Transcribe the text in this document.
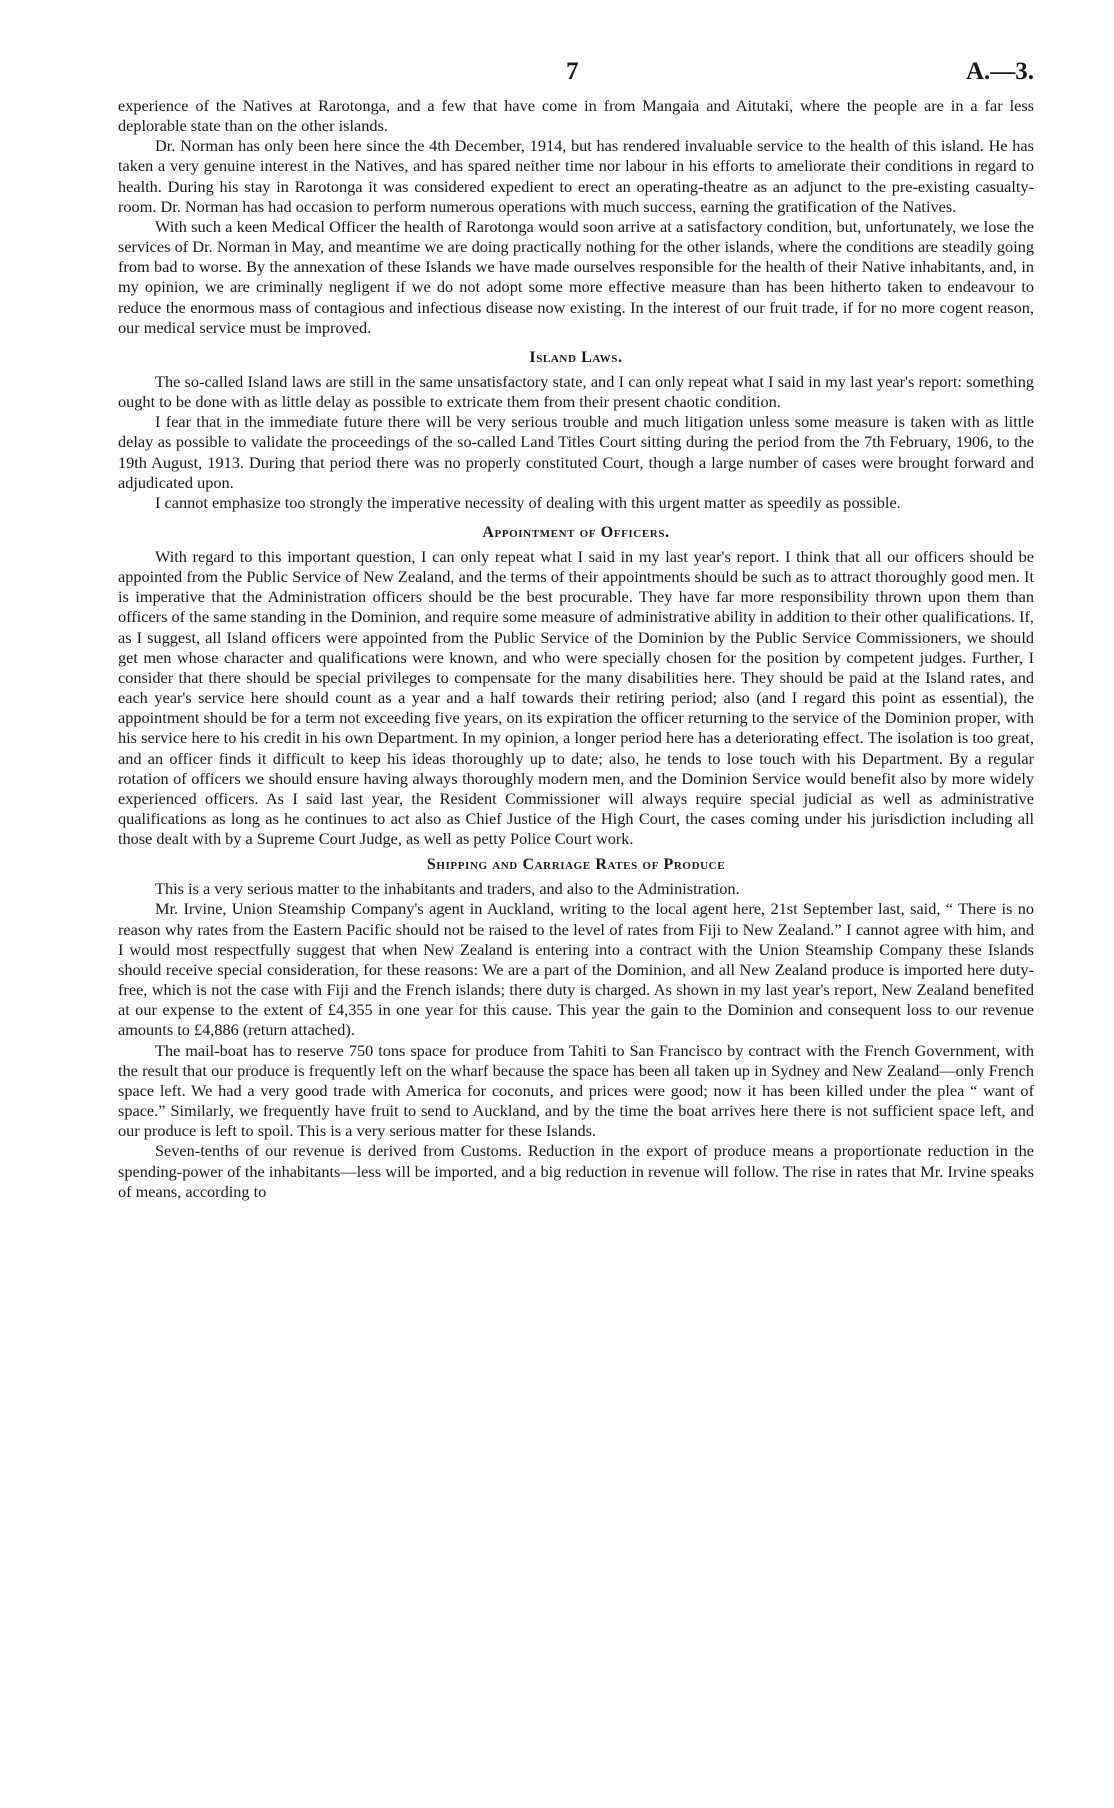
7	A.—3.

experience of the Natives at Rarotonga, and a few that have come in from Mangaia and Aitutaki, where the people are in a far less deplorable state than on the other islands.

Dr. Norman has only been here since the 4th December, 1914, but has rendered invaluable service to the health of this island. He has taken a very genuine interest in the Natives, and has spared neither time nor labour in his efforts to ameliorate their conditions in regard to health. During his stay in Rarotonga it was considered expedient to erect an operating-theatre as an adjunct to the pre-existing casualty-room. Dr. Norman has had occasion to perform numerous operations with much success, earning the gratification of the Natives.

With such a keen Medical Officer the health of Rarotonga would soon arrive at a satisfactory condition, but, unfortunately, we lose the services of Dr. Norman in May, and meantime we are doing practically nothing for the other islands, where the conditions are steadily going from bad to worse. By the annexation of these Islands we have made ourselves responsible for the health of their Native inhabitants, and, in my opinion, we are criminally negligent if we do not adopt some more effective measure than has been hitherto taken to endeavour to reduce the enormous mass of contagious and infectious disease now existing. In the interest of our fruit trade, if for no more cogent reason, our medical service must be improved.

Island Laws.

The so-called Island laws are still in the same unsatisfactory state, and I can only repeat what I said in my last year's report: something ought to be done with as little delay as possible to extricate them from their present chaotic condition.

I fear that in the immediate future there will be very serious trouble and much litigation unless some measure is taken with as little delay as possible to validate the proceedings of the so-called Land Titles Court sitting during the period from the 7th February, 1906, to the 19th August, 1913. During that period there was no properly constituted Court, though a large number of cases were brought forward and adjudicated upon.

I cannot emphasize too strongly the imperative necessity of dealing with this urgent matter as speedily as possible.

Appointment of Officers.

With regard to this important question, I can only repeat what I said in my last year's report. I think that all our officers should be appointed from the Public Service of New Zealand, and the terms of their appointments should be such as to attract thoroughly good men. It is imperative that the Administration officers should be the best procurable. They have far more responsibility thrown upon them than officers of the same standing in the Dominion, and require some measure of administrative ability in addition to their other qualifications. If, as I suggest, all Island officers were appointed from the Public Service of the Dominion by the Public Service Commissioners, we should get men whose character and qualifications were known, and who were specially chosen for the position by competent judges. Further, I consider that there should be special privileges to compensate for the many disabilities here. They should be paid at the Island rates, and each year's service here should count as a year and a half towards their retiring period; also (and I regard this point as essential), the appointment should be for a term not exceeding five years, on its expiration the officer returning to the service of the Dominion proper, with his service here to his credit in his own Department. In my opinion, a longer period here has a deteriorating effect. The isolation is too great, and an officer finds it difficult to keep his ideas thoroughly up to date; also, he tends to lose touch with his Department. By a regular rotation of officers we should ensure having always thoroughly modern men, and the Dominion Service would benefit also by more widely experienced officers. As I said last year, the Resident Commissioner will always require special judicial as well as administrative qualifications as long as he continues to act also as Chief Justice of the High Court, the cases coming under his jurisdiction including all those dealt with by a Supreme Court Judge, as well as petty Police Court work.

Shipping and Carriage Rates of Produce

This is a very serious matter to the inhabitants and traders, and also to the Administration.

Mr. Irvine, Union Steamship Company's agent in Auckland, writing to the local agent here, 21st September last, said, “ There is no reason why rates from the Eastern Pacific should not be raised to the level of rates from Fiji to New Zealand.” I cannot agree with him, and I would most respectfully suggest that when New Zealand is entering into a contract with the Union Steamship Company these Islands should receive special consideration, for these reasons: We are a part of the Dominion, and all New Zealand produce is imported here duty-free, which is not the case with Fiji and the French islands; there duty is charged. As shown in my last year's report, New Zealand benefited at our expense to the extent of £4,355 in one year for this cause. This year the gain to the Dominion and consequent loss to our revenue amounts to £4,886 (return attached).

The mail-boat has to reserve 750 tons space for produce from Tahiti to San Francisco by contract with the French Government, with the result that our produce is frequently left on the wharf because the space has been all taken up in Sydney and New Zealand—only French space left. We had a very good trade with America for coconuts, and prices were good; now it has been killed under the plea “ want of space.” Similarly, we frequently have fruit to send to Auckland, and by the time the boat arrives here there is not sufficient space left, and our produce is left to spoil. This is a very serious matter for these Islands.

Seven-tenths of our revenue is derived from Customs. Reduction in the export of produce means a proportionate reduction in the spending-power of the inhabitants—less will be imported, and a big reduction in revenue will follow. The rise in rates that Mr. Irvine speaks of means, according to
